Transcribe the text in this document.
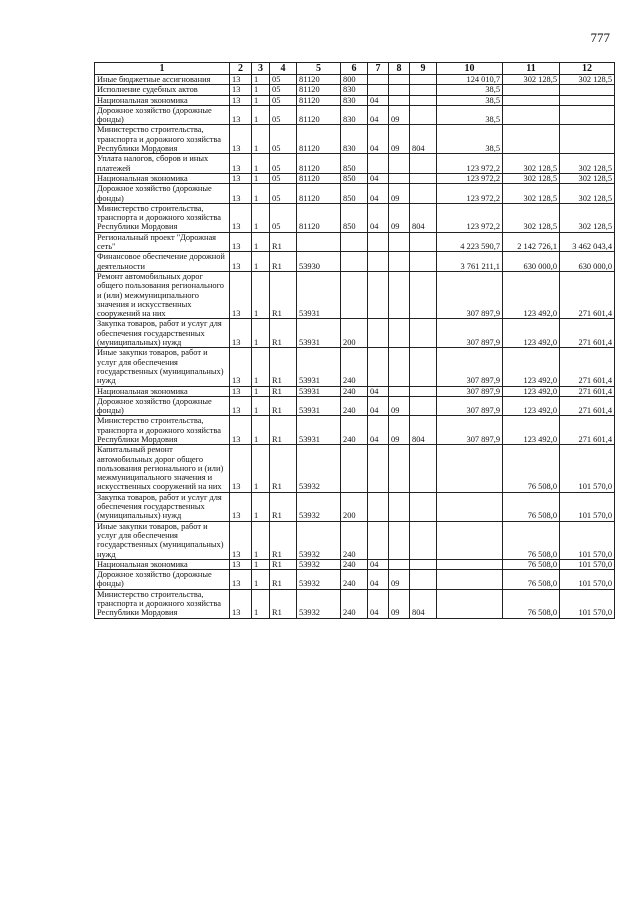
777
1	2	3	4	5	6	7	8	9	10	11	12
Иные бюджетные ассигнования	13	1	05	81120	800				124 010,7	302 128,5	302 128,5
Исполнение судебных актов	13	1	05	81120	830				38,5		
Национальная экономика	13	1	05	81120	830	04			38,5		
Дорожное хозяйство (дорожные фонды)	13	1	05	81120	830	04	09		38,5		
Министерство строительства, транспорта и дорожного хозяйства Республики Мордовия	13	1	05	81120	830	04	09	804	38,5		
Уплата налогов, сборов и иных платежей	13	1	05	81120	850				123 972,2	302 128,5	302 128,5
Национальная экономика	13	1	05	81120	850	04			123 972,2	302 128,5	302 128,5
Дорожное хозяйство (дорожные фонды)	13	1	05	81120	850	04	09		123 972,2	302 128,5	302 128,5
Министерство строительства, транспорта и дорожного хозяйства Республики Мордовия	13	1	05	81120	850	04	09	804	123 972,2	302 128,5	302 128,5
Региональный проект "Дорожная сеть"	13	1	R1						4 223 590,7	2 142 726,1	3 462 043,4
Финансовое обеспечение дорожной деятельности	13	1	R1	53930					3 761 211,1	630 000,0	630 000,0
Ремонт автомобильных дорог общего пользования регионального и (или) межмуниципального значения и искусственных сооружений на них	13	1	R1	53931					307 897,9	123 492,0	271 601,4
Закупка товаров, работ и услуг для обеспечения государственных (муниципальных) нужд	13	1	R1	53931	200				307 897,9	123 492,0	271 601,4
Иные закупки товаров, работ и услуг для обеспечения государственных (муниципальных) нужд	13	1	R1	53931	240				307 897,9	123 492,0	271 601,4
Национальная экономика	13	1	R1	53931	240	04			307 897,9	123 492,0	271 601,4
Дорожное хозяйство (дорожные фонды)	13	1	R1	53931	240	04	09		307 897,9	123 492,0	271 601,4
Министерство строительства, транспорта и дорожного хозяйства Республики Мордовия	13	1	R1	53931	240	04	09	804	307 897,9	123 492,0	271 601,4
Капитальный ремонт автомобильных дорог общего пользования регионального и (или) межмуниципального значения и искусственных сооружений на них	13	1	R1	53932						76 508,0	101 570,0
Закупка товаров, работ и услуг для обеспечения государственных (муниципальных) нужд	13	1	R1	53932	200					76 508,0	101 570,0
Иные закупки товаров, работ и услуг для обеспечения государственных (муниципальных) нужд	13	1	R1	53932	240					76 508,0	101 570,0
Национальная экономика	13	1	R1	53932	240	04				76 508,0	101 570,0
Дорожное хозяйство (дорожные фонды)	13	1	R1	53932	240	04	09			76 508,0	101 570,0
Министерство строительства, транспорта и дорожного хозяйства Республики Мордовия	13	1	R1	53932	240	04	09	804		76 508,0	101 570,0
